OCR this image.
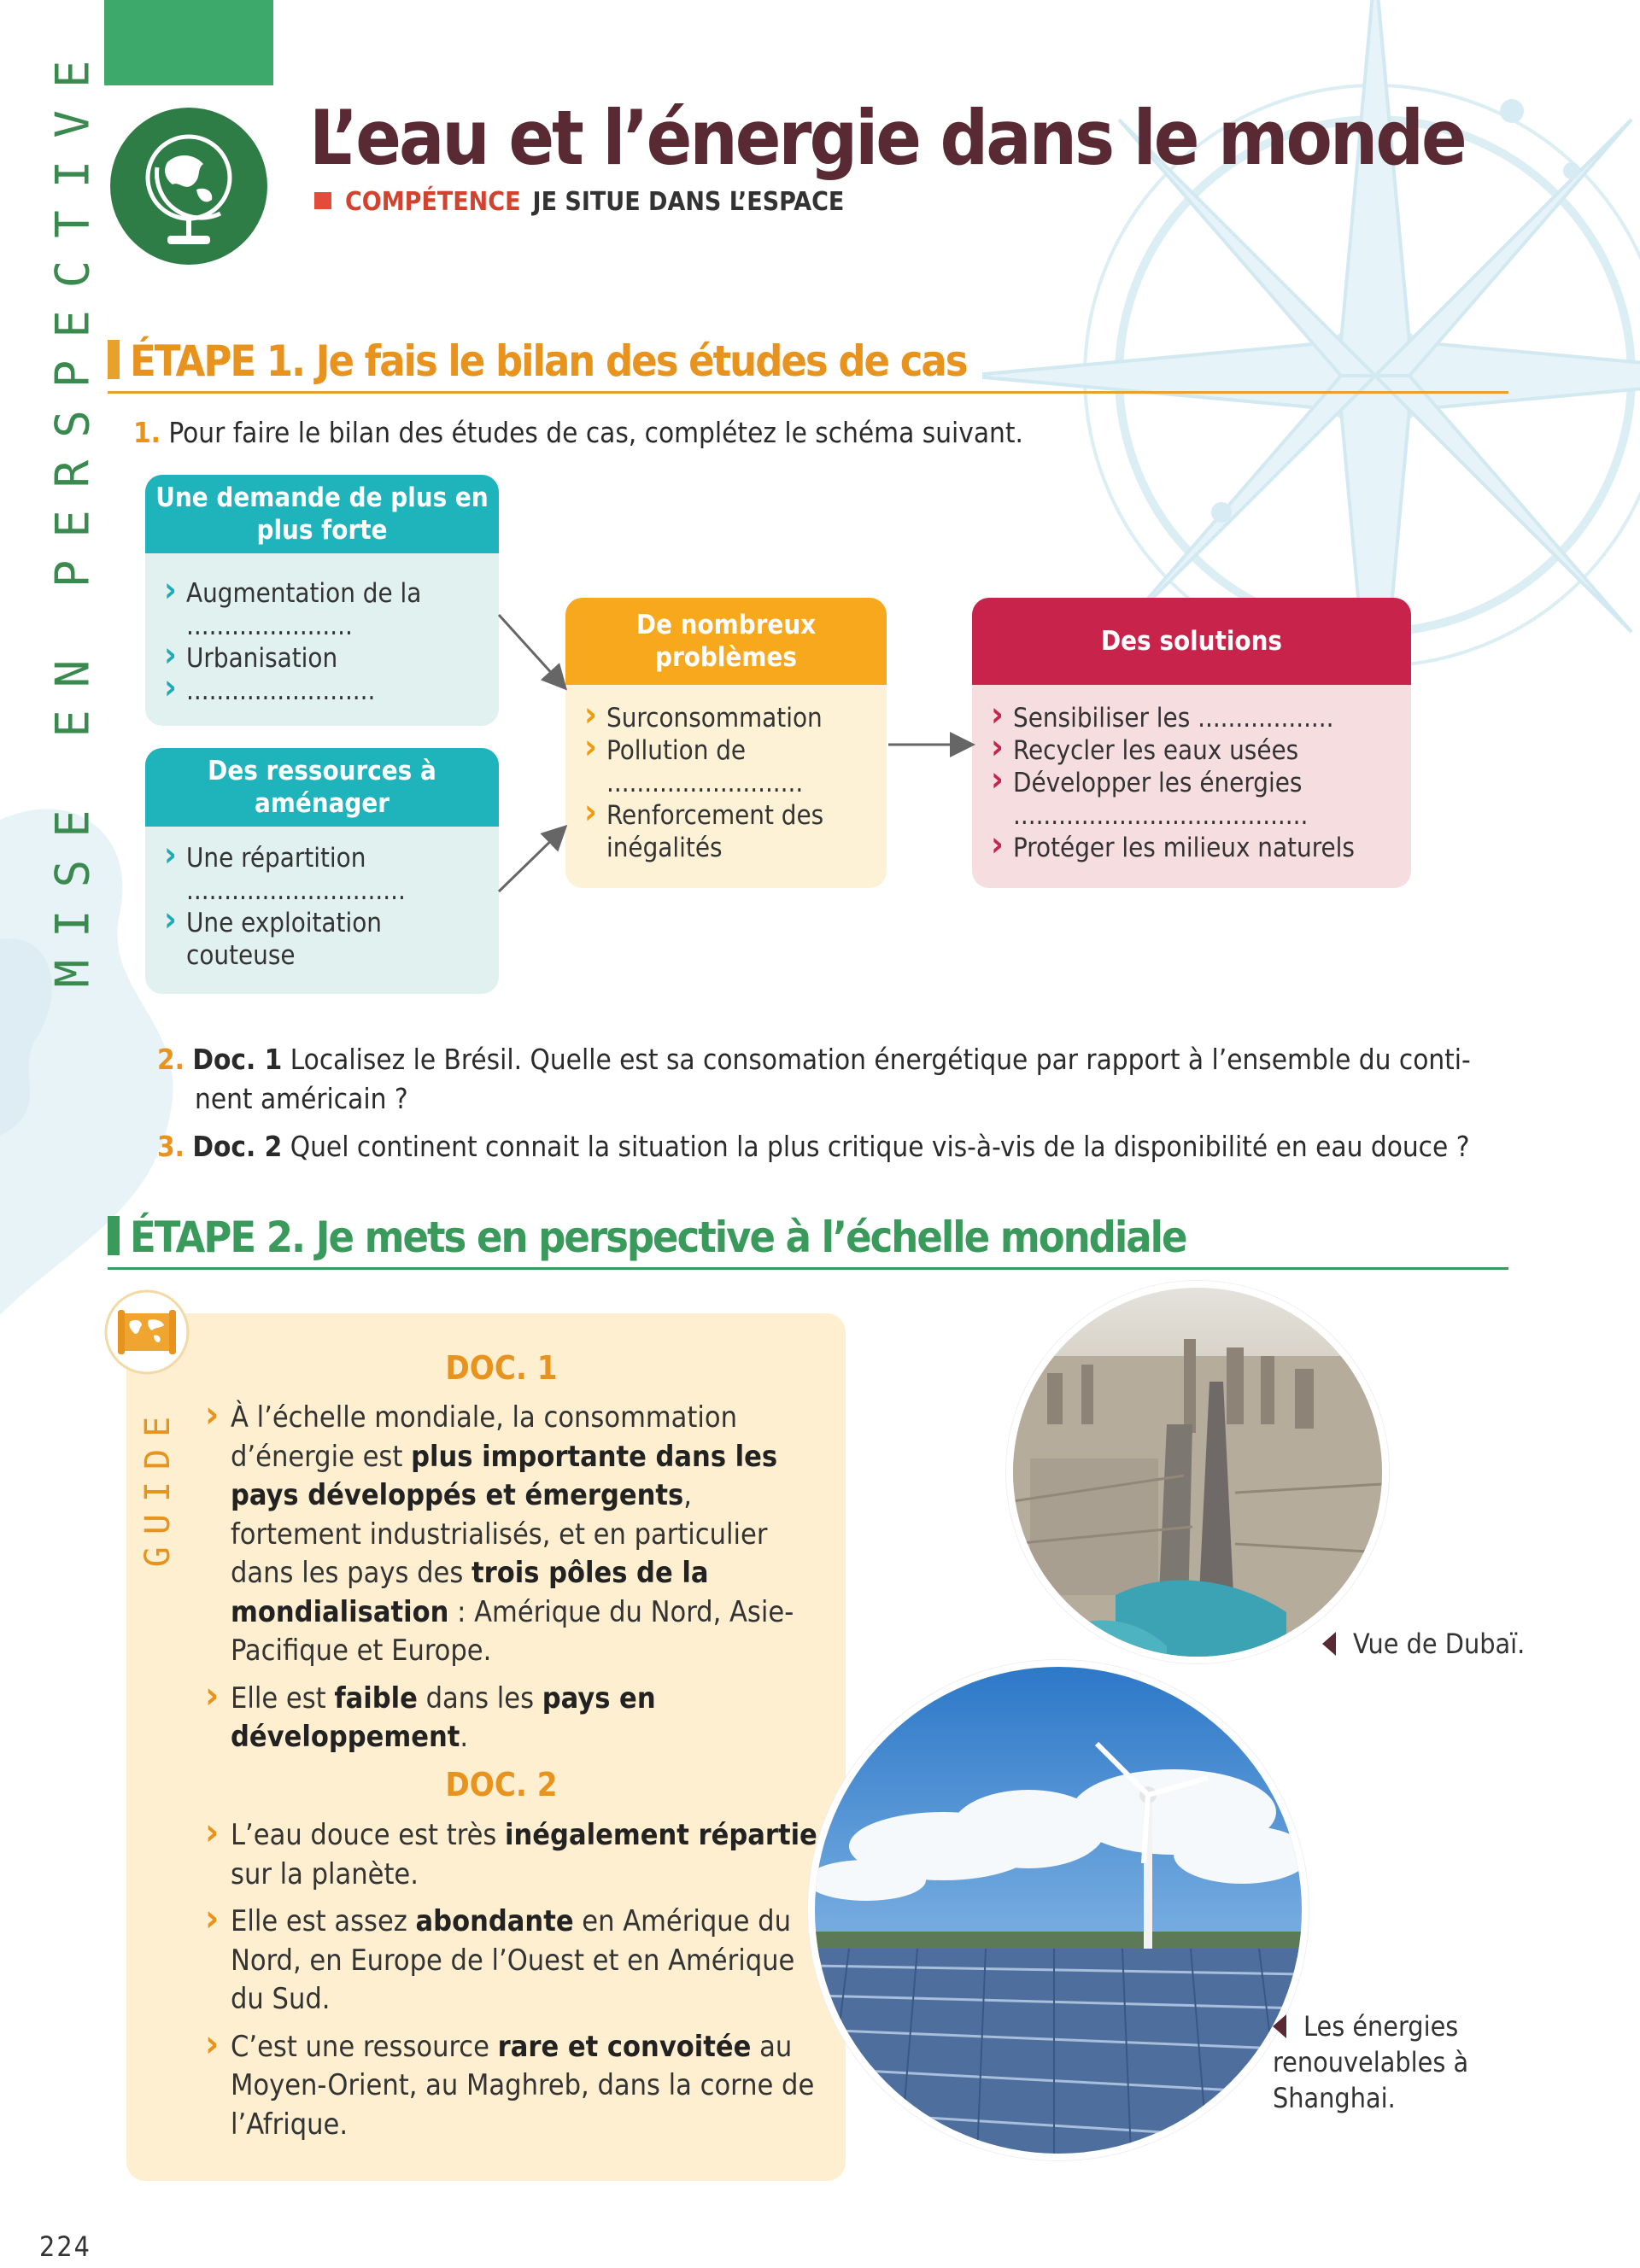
MISE EN PERSPECTIVE	L’eau et l’énergie dans le monde
COMPÉTENCE JE SITUE DANS L’ESPACE
ÉTAPE 1. Je fais le bilan des études de cas
1. Pour faire le bilan des études de cas, complétez le schéma suivant.
Une demande de plus en plus forte
› Augmentation de la ......................
› Urbanisation
› .........................
Des ressources à aménager
› Une répartition .............................
› Une exploitation couteuse
De nombreux problèmes
› Surconsommation
› Pollution de ..........................
› Renforcement des inégalités
Des solutions
› Sensibiliser les ..................
› Recycler les eaux usées
› Développer les énergies .......................................
› Protéger les milieux naturels
2. Doc. 1 Localisez le Brésil. Quelle est sa consomation énergétique par rapport à l’ensemble du conti-
nent américain ?
3. Doc. 2 Quel continent connait la situation la plus critique vis-à-vis de la disponibilité en eau douce ?
ÉTAPE 2. Je mets en perspective à l’échelle mondiale
GUIDE
DOC. 1
› À l’échelle mondiale, la consommation d’énergie est plus importante dans les pays développés et émergents, fortement industrialisés, et en particulier dans les pays des trois pôles de la mondialisation : Amérique du Nord, Asie-Pacifique et Europe.
› Elle est faible dans les pays en développement.
DOC. 2
› L’eau douce est très inégalement répartie sur la planète.
› Elle est assez abondante en Amérique du Nord, en Europe de l’Ouest et en Amérique du Sud.
› C’est une ressource rare et convoitée au Moyen-Orient, au Maghreb, dans la corne de l’Afrique.
Vue de Dubaï.
Les énergies renouvelables à Shanghai.
224
